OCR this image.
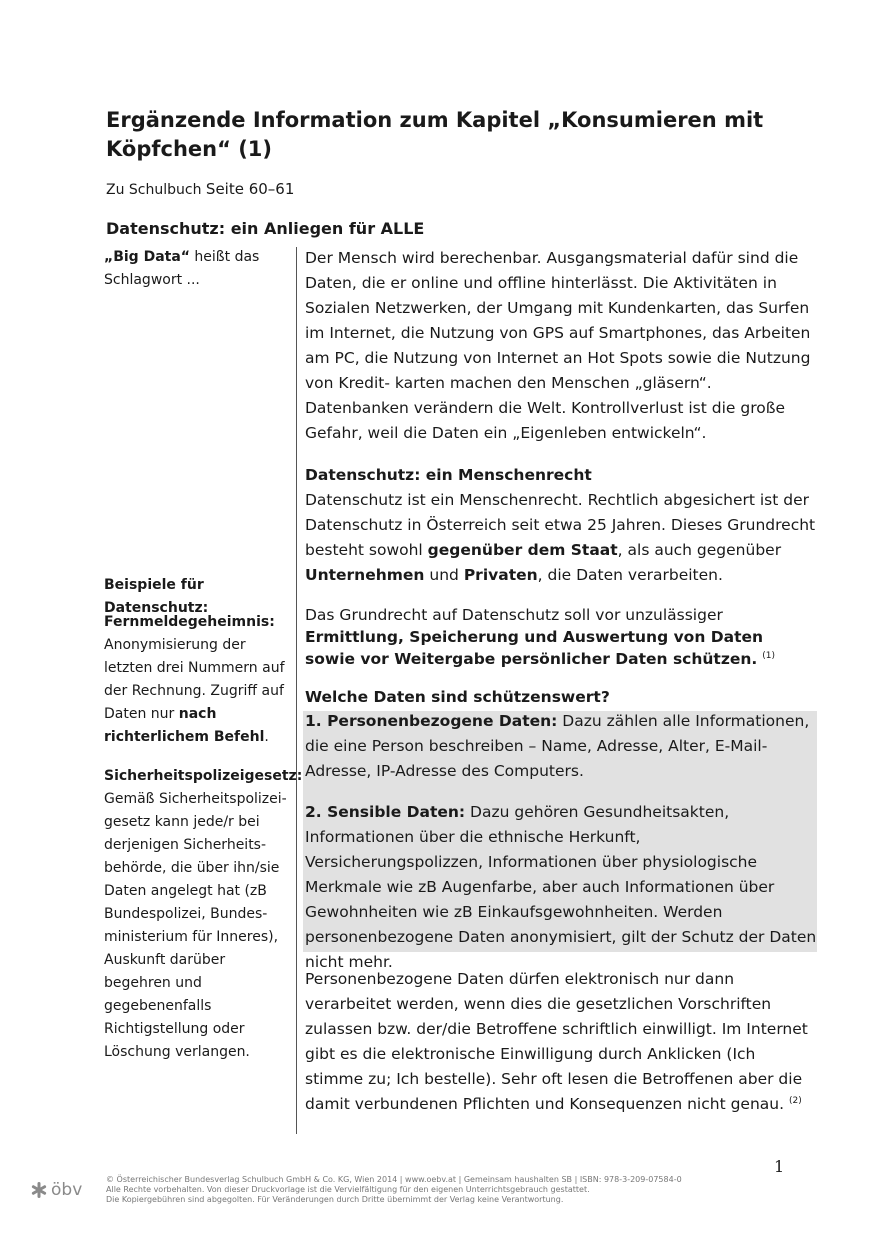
Ergänzende Information zum Kapitel „Konsumieren mit Köpfchen“ (1)
Zu Schulbuch Seite 60–61
Datenschutz: ein Anliegen für ALLE
„Big Data“ heißt das Schlagwort ...
Beispiele für Datenschutz:
Fernmeldegeheimnis:
Anonymisierung der letzten drei Nummern auf der Rechnung. Zugriff auf Daten nur nach richterlichem Befehl.
Sicherheitspolizeigesetz:
Gemäß Sicherheitspolizei- gesetz kann jede/r bei derjenigen Sicherheits- behörde, die über ihn/sie Daten angelegt hat (zB Bundespolizei, Bundes- ministerium für Inneres), Auskunft darüber begehren und gegebenenfalls Richtigstellung oder Löschung verlangen.
Der Mensch wird berechenbar. Ausgangsmaterial dafür sind die Daten, die er online und offline hinterlässt. Die Aktivitäten in Sozialen Netzwerken, der Umgang mit Kundenkarten, das Surfen im Internet, die Nutzung von GPS auf Smartphones, das Arbeiten am PC, die Nutzung von Internet an Hot Spots sowie die Nutzung von Kredit- karten machen den Menschen „gläsern“. Datenbanken verändern die Welt. Kontrollverlust ist die große Gefahr, weil die Daten ein „Eigenleben entwickeln“.
Datenschutz: ein Menschenrecht
Datenschutz ist ein Menschenrecht. Rechtlich abgesichert ist der Datenschutz in Österreich seit etwa 25 Jahren. Dieses Grundrecht besteht sowohl gegenüber dem Staat, als auch gegenüber Unternehmen und Privaten, die Daten verarbeiten.
Das Grundrecht auf Datenschutz soll vor unzulässiger Ermittlung, Speicherung und Auswertung von Daten sowie vor Weitergabe persönlicher Daten schützen. $^{(1)}$
Welche Daten sind schützenswert?
1. Personenbezogene Daten: Dazu zählen alle Informationen, die eine Person beschreiben – Name, Adresse, Alter, E-Mail-Adresse, IP-Adresse des Computers.
2. Sensible Daten: Dazu gehören Gesundheitsakten, Informationen über die ethnische Herkunft, Versicherungspolizzen, Informationen über physiologische Merkmale wie zB Augenfarbe, aber auch Informationen über Gewohnheiten wie zB Einkaufsgewohnheiten. Werden personenbezogene Daten anonymisiert, gilt der Schutz der Daten nicht mehr.
Personenbezogene Daten dürfen elektronisch nur dann verarbeitet werden, wenn dies die gesetzlichen Vorschriften zulassen bzw. der/die Betroffene schriftlich einwilligt. Im Internet gibt es die elektronische Einwilligung durch Anklicken (Ich stimme zu; Ich bestelle). Sehr oft lesen die Betroffenen aber die damit verbundenen Pflichten und Konsequenzen nicht genau. $^{(2)}$
1
öbv
© Österreichischer Bundesverlag Schulbuch GmbH & Co. KG, Wien 2014 | www.oebv.at | Gemeinsam haushalten SB | ISBN: 978-3-209-07584-0
Alle Rechte vorbehalten. Von dieser Druckvorlage ist die Vervielfältigung für den eigenen Unterrichtsgebrauch gestattet.
Die Kopiergebühren sind abgegolten. Für Veränderungen durch Dritte übernimmt der Verlag keine Verantwortung.
